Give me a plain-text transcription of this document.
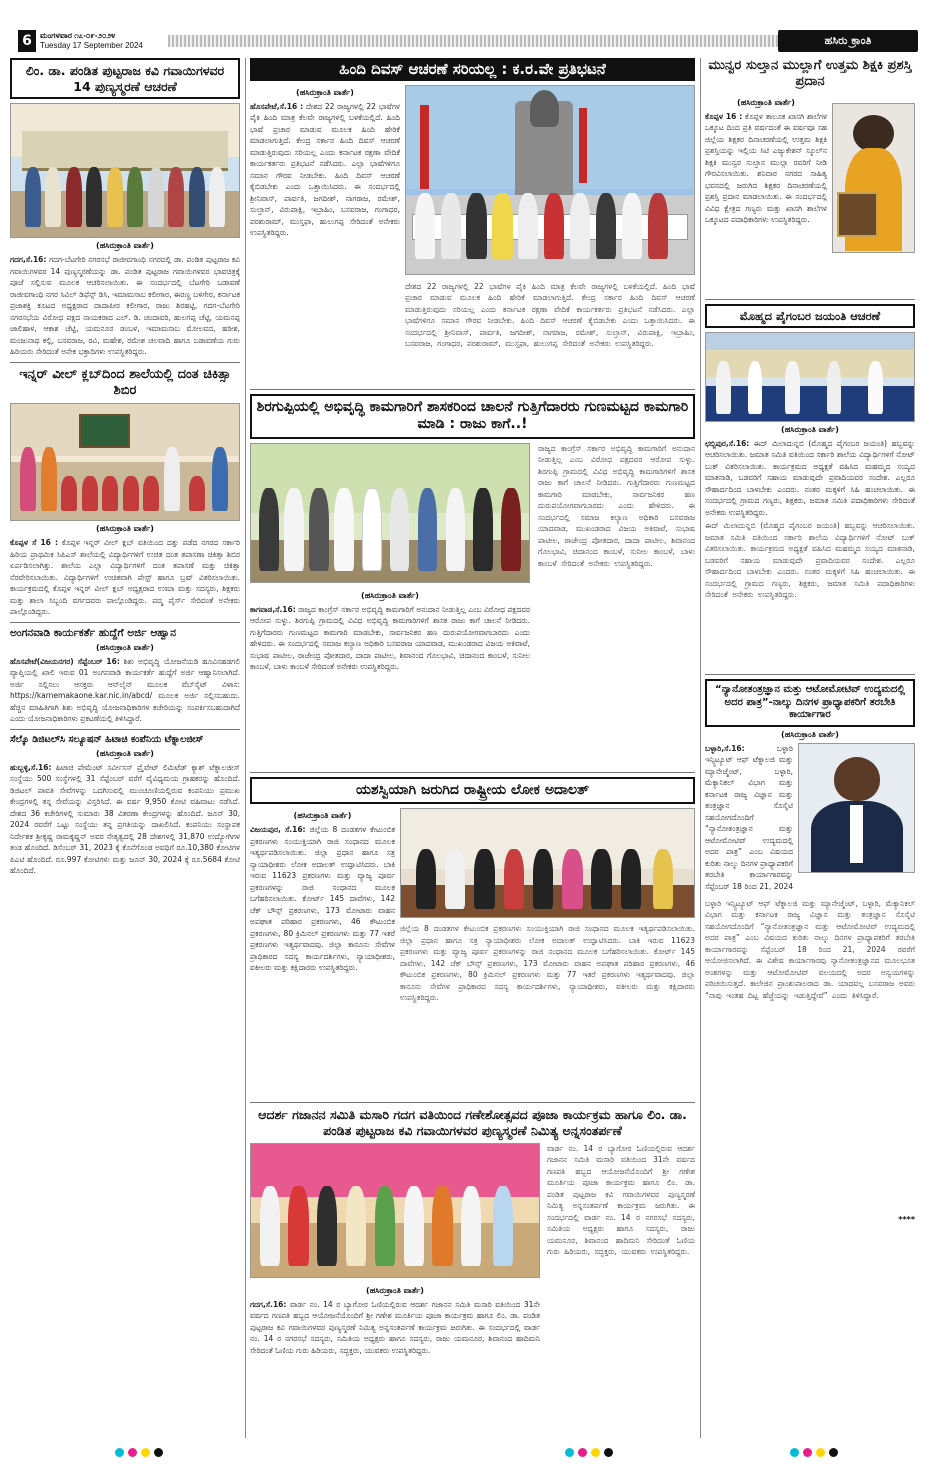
6	ಮಂಗಳವಾರ ೧೭-೦೯-೨೦೨೪
Tuesday 17 September 2024	ಹಸಿರು ಕ್ರಾಂತಿ
ಲಿಂ. ಡಾ. ಪಂಡಿತ ಪುಟ್ಟರಾಜ ಕವಿ ಗವಾಯಿಗಳವರ 14 ಪುಣ್ಯಸ್ಮರಣೆ ಆಚರಣೆ
(ಹಸಿರುಕ್ರಾಂತಿ ವಾರ್ತೆ)
ಗದಗ,ಸೆ.16: ಗದಗ-ಬೆಟಗೇರಿ ನಗರಸಭೆ ರಾಜೀವಗಾಂಧಿ ನಗರದಲ್ಲಿ ಡಾ. ಪಂಡಿತ ಪುಟ್ಟರಾಜ ಕವಿ ಗವಾಯಿಗಳವರ 14 ಪುಣ್ಯಸ್ಮರಣೆಯನ್ನು ಡಾ. ಪಂಡಿತ ಪುಟ್ಟರಾಜ ಗವಾಯಿಗಳವರ ಭಾವಚಿತ್ರಕ್ಕೆ ಪೂಜೆ ಸಲ್ಲಿಸುವ ಮೂಲಕ ಆಚರಿಸಲಾಯಿತು. ಈ ಸಂದರ್ಭದಲ್ಲಿ ಬೆಟಗೇರಿ ಬಡಾವಣೆ ರಾಜೀವಗಾಂಧಿ ನಗರ ಸಿವಿಲ್ ಡಿಫೆನ್ಸ್ ಡಿಸಿ, ಇಮಾಮಸಾಬ ಕಲೀಗಾರ, ಈರಣ್ಣ ಬಳಿಗೇರ, ಕರ್ನಾಟಕ ಪ್ರಜಾಶಕ್ತಿ ಕೂಟದ ಅಧ್ಯಕ್ಷರಾದ ದಾದಾಪೀರ ಕಲೀಗಾರ, ರಾಜು ಶಿರಹಟ್ಟಿ, ಗದಗ-ಬೆಟಗೇರಿ ನಗರಸಭೆಯ ವಿರೋಧ ಪಕ್ಷದ ನಾಯಕರಾದ ಎಲ್. ಡಿ. ಚಂದಾವರಿ, ಹುಲಗಪ್ಪ ಚೆಟ್ಟಿ, ಯಮನಪ್ಪ ಜಾಲಿಹಾಳ, ಆಕಾಶ ಚೆಟ್ಟಿ, ಯಮನೂರ ಡಂಬಳ, ಇಮಾಮಸಾಬ ಮೋಲವದ, ಹರೀಶ, ಮಂಜುನಾಥ ಕಲ್ಲಿ, ಬಸವರಾಜ, ರವಿ, ಮಹೇಶ, ರಮೇಶ ಚಲವಾದಿ ಹಾಗೂ ಬಡಾವಣೆಯ ಗುರು ಹಿರಿಯರು ಸೇರಿದಂತೆ ಅನೇಕ ಭಕ್ತಾದಿಗಳು ಉಪಸ್ಥಿತರಿದ್ದರು.
ಇನ್ನರ್ ವೀಲ್ ಕ್ಲಬ್‌ದಿಂದ ಶಾಲೆಯಲ್ಲಿ ದಂತ ಚಿಕಿತ್ಸಾ ಶಿಬಿರ
(ಹಸಿರುಕ್ರಾಂತಿ ವಾರ್ತೆ)
ಕೊಪ್ಪಳ ಸೆ 16 : ಕೊಪ್ಪಳ ಇನ್ನರ್ ವೀಲ್ ಕ್ಲಬ್ ವತಿಯಿಂದ ದತ್ತು ಪಡೆದ ನಗರದ ಸರ್ಕಾರಿ ಹಿರಿಯ ಪ್ರಾಥಮಿಕ ಸಿಪಿಎಸ್ ಶಾಲೆಯಲ್ಲಿ ವಿದ್ಯಾರ್ಥಿಗಳಿಗೆ ಉಚಿತ ದಂತ ತಪಾಸಣಾ ಚಿಕಿತ್ಸಾ ಶಿಬಿರ ಏರ್ಪಡಿಸಲಾಗಿತ್ತು. ಶಾಲೆಯ ಎಲ್ಲಾ ವಿದ್ಯಾರ್ಥಿಗಳಿಗೆ ದಂತ ತಪಾಸಣೆ ಮತ್ತು ಚಿಕಿತ್ಸಾ ನೆರವೇರಿಸಲಾಯಿತು. ವಿದ್ಯಾರ್ಥಿಗಳಿಗೆ ಉಚಿತವಾಗಿ ಪೇಸ್ಟ್ ಹಾಗೂ ಬ್ರಷ್ ವಿತರಿಸಲಾಯಿತು. ಕಾರ್ಯಕ್ರಮದಲ್ಲಿ ಕೊಪ್ಪಳ ಇನ್ನರ್ ವೀಲ್ ಕ್ಲಬ್ ಅಧ್ಯಕ್ಷರಾದ ಉಮಾ ಮತ್ತು ಸದಸ್ಯರು, ಶಿಕ್ಷಕರು ಮತ್ತು ಶಾಲಾ ಸಿಬ್ಬಂದಿ ವರ್ಗದವರು ಪಾಲ್ಗೊಂಡಿದ್ದರು. ಪದ್ಮ ಪೈರ್ಸ್ ಸೇರಿದಂತೆ ಅನೇಕರು ಪಾಲ್ಗೊಂಡಿದ್ದರು.
ಅಂಗನವಾಡಿ ಕಾರ್ಯಕರ್ತೆ ಹುದ್ದೆಗೆ ಅರ್ಜಿ ಆಹ್ವಾನ
(ಹಸಿರುಕ್ರಾಂತಿ ವಾರ್ತೆ)
ಹೊಸಪೇಟೆ(ವಿಜಯನಗರ) ಸೆಪ್ಟೆಂಬರ್ 16: ಶಿಶು ಅಭಿವೃದ್ಧಿ ಯೋಜನೆಯಡಿ ಹೂವಿನಹಡಗಲಿ ವ್ಯಾಪ್ತಿಯಲ್ಲಿ ಖಾಲಿ ಇರುವ 01 ಅಂಗನವಾಡಿ ಕಾರ್ಯಕರ್ತೆ ಹುದ್ದೆಗೆ ಅರ್ಜಿ ಆಹ್ವಾನಿಸಲಾಗಿದೆ. ಅರ್ಜಿ ಸಲ್ಲಿಸಲು ಆಸಕ್ತರು ಆನ್‌ಲೈನ್ ಮೂಲಕ ವೆಬ್‌ಸೈಟ್ ವಿಳಾಸ: https://karnemakaone.kar.nic.in/abcd/ ಮೂಲಕ ಅರ್ಜಿ ಸಲ್ಲಿಸಬಹುದು. ಹೆಚ್ಚಿನ ಮಾಹಿತಿಗಾಗಿ ಶಿಶು ಅಭಿವೃದ್ಧಿ ಯೋಜನಾಧಿಕಾರಿಗಳ ಕಚೇರಿಯನ್ನು ಸಂಪರ್ಕಿಸಬಹುದಾಗಿದೆ ಎಂದು ಯೋಜನಾಧಿಕಾರಿಗಳು ಪ್ರಕಟಣೆಯಲ್ಲಿ ತಿಳಿಸಿದ್ದಾರೆ.
ಸೆಲ್ಕೊ ಡಿಜಿಟಲ್‌ಸಿ ಸಲ್ಯೂಷನ್ ಹಿಟಾಚಿ ಕಂಪೆನಿಯ ಟೆಕ್ನಾಲಜೀಸ್
(ಹಸಿರುಕ್ರಾಂತಿ ವಾರ್ತೆ)
ಹುಬ್ಬಳ್ಳಿ,ಸೆ.16: ಹಿಟಾಚಿ ಪೇಮೆಂಟ್ ಸರ್ವೀಸಸ್ ಪ್ರೈವೇಟ್ ಲಿಮಿಟೆಡ್ ಕ್ಯಾಶ್ ಟೆಕ್ನಾಲಜೀಸ್ ಸಂಸ್ಥೆಯು 500 ಸಂಸ್ಥೆಗಳಲ್ಲಿ 31 ಸೆಪ್ಟೆಂಬರ್ ವರೆಗೆ ವೈವಿಧ್ಯಮಯ ಗ್ರಾಹಕರನ್ನು ಹೊಂದಿದೆ. ಡಿಜಿಟಲ್ ಪಾವತಿ ಸೇವೆಗಳನ್ನು ಒದಗಿಸುವಲ್ಲಿ ಮುಂಚೂಣಿಯಲ್ಲಿರುವ ಕಂಪನಿಯು ಪ್ರಮುಖ ಕೇಂದ್ರಗಳಲ್ಲಿ ತನ್ನ ಸೇವೆಯನ್ನು ವಿಸ್ತರಿಸಿದೆ. ಈ ವರ್ಷ 9,950 ಕೋಟಿ ವಹಿವಾಟು ನಡೆಸಿದೆ. ದೇಶದ 36 ಕಚೇರಿಗಳಲ್ಲಿ ಸುಮಾರು 38 ವಿತರಣಾ ಕೇಂದ್ರಗಳನ್ನು ಹೊಂದಿದೆ. ಜೂನ್ 30, 2024 ರವರೆಗೆ ಒಟ್ಟು ಸಂಸ್ಥೆಯು ತನ್ನ ಪ್ರಗತಿಯನ್ನು ದಾಖಲಿಸಿದೆ. ಕಂಪನಿಯು ಸಂಸ್ಥಾಪಕ ನಿರ್ದೇಶಕ ಶ್ರೀಕೃಷ್ಣ ರಾಮಕೃಷ್ಣನ್ ಅವರ ನೇತೃತ್ವದಲ್ಲಿ 28 ದೇಶಗಳಲ್ಲಿ 31,870 ಉದ್ಯೋಗಿಗಳ ತಂಡ ಹೊಂದಿದೆ. ಡಿಸೆಂಬರ್ 31, 2023 ಕ್ಕೆ ಕೊನೆಗೊಂಡ ಅವಧಿಗೆ ರೂ.10,380 ಕೋಟಿಗಳ ಪಿಎಟಿ ಹೊಂದಿದೆ. ರೂ.997 ಕೋಟಿಗಳು ಮತ್ತು ಜೂನ್ 30, 2024 ಕ್ಕೆ ರೂ.5684 ಕೋಟಿ ಹೊಂದಿದೆ.
ಹಿಂದಿ ದಿವಸ್ ಆಚರಣೆ ಸರಿಯಲ್ಲ : ಕ.ರ.ವೇ ಪ್ರತಿಭಟನೆ
(ಹಸಿರುಕ್ರಾಂತಿ ವಾರ್ತೆ)
ಹೊಸಪೇಟೆ,ಸೆ.16 : ದೇಶದ 22 ರಾಜ್ಯಗಳಲ್ಲಿ 22 ಭಾಷೆಗಳ ಪೈಕಿ ಹಿಂದಿ ಮಾತ್ರ ಕೆಲವೇ ರಾಜ್ಯಗಳಲ್ಲಿ ಬಳಕೆಯಲ್ಲಿದೆ. ಹಿಂದಿ ಭಾಷೆ ಪ್ರಚಾರ ಮಾಡುವ ಮೂಲಕ ಹಿಂದಿ ಹೇರಿಕೆ ಮಾಡಲಾಗುತ್ತಿದೆ. ಕೇಂದ್ರ ಸರ್ಕಾರ ಹಿಂದಿ ದಿವಸ್ ಆಚರಣೆ ಮಾಡುತ್ತಿರುವುದು ಸರಿಯಲ್ಲ ಎಂದು ಕರ್ನಾಟಕ ರಕ್ಷಣಾ ವೇದಿಕೆ ಕಾರ್ಯಕರ್ತರು ಪ್ರತಿಭಟನೆ ನಡೆಸಿದರು. ಎಲ್ಲಾ ಭಾಷೆಗಳಿಗೂ ಸಮಾನ ಗೌರವ ನೀಡಬೇಕು. ಹಿಂದಿ ದಿವಸ್ ಆಚರಣೆ ಕೈಬಿಡಬೇಕು ಎಂದು ಒತ್ತಾಯಿಸಿದರು. ಈ ಸಂದರ್ಭದಲ್ಲಿ ಶ್ರೀನಿವಾಸ್, ಪಾರ್ವತಿ, ಜಗದೀಶ್, ನಾಗರಾಜ, ರಮೇಶ್, ಸುಲ್ತಾನ್, ವಿರುಪಾಕ್ಷಿ, ಇಬ್ರಾಹಿಂ, ಬಸವರಾಜ, ಗಂಗಾಧರ, ಪರಶುರಾಮ್, ಮುಸ್ತಫಾ, ಹುಲುಗಪ್ಪ ಸೇರಿದಂತೆ ಅನೇಕರು ಉಪಸ್ಥಿತರಿದ್ದರು.
ದೇಶದ 22 ರಾಜ್ಯಗಳಲ್ಲಿ 22 ಭಾಷೆಗಳ ಪೈಕಿ ಹಿಂದಿ ಮಾತ್ರ ಕೆಲವೇ ರಾಜ್ಯಗಳಲ್ಲಿ ಬಳಕೆಯಲ್ಲಿದೆ. ಹಿಂದಿ ಭಾಷೆ ಪ್ರಚಾರ ಮಾಡುವ ಮೂಲಕ ಹಿಂದಿ ಹೇರಿಕೆ ಮಾಡಲಾಗುತ್ತಿದೆ. ಕೇಂದ್ರ ಸರ್ಕಾರ ಹಿಂದಿ ದಿವಸ್ ಆಚರಣೆ ಮಾಡುತ್ತಿರುವುದು ಸರಿಯಲ್ಲ ಎಂದು ಕರ್ನಾಟಕ ರಕ್ಷಣಾ ವೇದಿಕೆ ಕಾರ್ಯಕರ್ತರು ಪ್ರತಿಭಟನೆ ನಡೆಸಿದರು. ಎಲ್ಲಾ ಭಾಷೆಗಳಿಗೂ ಸಮಾನ ಗೌರವ ನೀಡಬೇಕು. ಹಿಂದಿ ದಿವಸ್ ಆಚರಣೆ ಕೈಬಿಡಬೇಕು ಎಂದು ಒತ್ತಾಯಿಸಿದರು. ಈ ಸಂದರ್ಭದಲ್ಲಿ ಶ್ರೀನಿವಾಸ್, ಪಾರ್ವತಿ, ಜಗದೀಶ್, ನಾಗರಾಜ, ರಮೇಶ್, ಸುಲ್ತಾನ್, ವಿರುಪಾಕ್ಷಿ, ಇಬ್ರಾಹಿಂ, ಬಸವರಾಜ, ಗಂಗಾಧರ, ಪರಶುರಾಮ್, ಮುಸ್ತಫಾ, ಹುಲುಗಪ್ಪ ಸೇರಿದಂತೆ ಅನೇಕರು ಉಪಸ್ಥಿತರಿದ್ದರು.
ಶಿರಗುಪ್ಪಿಯಲ್ಲಿ ಅಭಿವೃದ್ಧಿ ಕಾಮಗಾರಿಗೆ ಶಾಸಕರಿಂದ ಚಾಲನೆ ಗುತ್ತಿಗೆದಾರರು ಗುಣಮಟ್ಟದ ಕಾಮಗಾರಿ ಮಾಡಿ : ರಾಜು ಕಾಗೆ..!
(ಹಸಿರುಕ್ರಾಂತಿ ವಾರ್ತೆ)
ಕಾಗವಾಡ,ಸೆ.16: ರಾಜ್ಯದ ಕಾಂಗ್ರೆಸ್ ಸರ್ಕಾರ ಅಭಿವೃದ್ಧಿ ಕಾಮಗಾರಿಗೆ ಅನುದಾನ ನೀಡುತ್ತಿಲ್ಲ ಎಂಬ ವಿರೋಧ ಪಕ್ಷದವರ ಆರೋಪ ಸುಳ್ಳು. ಶಿರಗುಪ್ಪಿ ಗ್ರಾಮದಲ್ಲಿ ವಿವಿಧ ಅಭಿವೃದ್ಧಿ ಕಾಮಗಾರಿಗಳಿಗೆ ಶಾಸಕ ರಾಜು ಕಾಗೆ ಚಾಲನೆ ನೀಡಿದರು. ಗುತ್ತಿಗೆದಾರರು ಗುಣಮಟ್ಟದ ಕಾಮಗಾರಿ ಮಾಡಬೇಕು, ಸಾರ್ವಜನಿಕರ ಹಣ ದುರುಪಯೋಗವಾಗಬಾರದು ಎಂದು ಹೇಳಿದರು. ಈ ಸಂದರ್ಭದಲ್ಲಿ ಸಮಾಜ ಕಲ್ಯಾಣ ಅಧಿಕಾರಿ ಬಸವರಾಜ ಯಾದವಾಡ, ಮುಖಂಡರಾದ ವಿಜಯ ಅಕಿವಾಟೆ, ಸುಭಾಷ ಪಾಟೀಲ, ರಾಜೇಂದ್ರ ಪೋತದಾರ, ದಾದಾ ಪಾಟೀಲ, ಶಿವಾನಂದ ಗೊಲಭಾವಿ, ಚಿದಾನಂದ ಕಾಂಬಳೆ, ಸುನೀಲ ಕಾಂಬಳೆ, ಬಾಳು ಕಾಂಬಳೆ ಸೇರಿದಂತೆ ಅನೇಕರು ಉಪಸ್ಥಿತರಿದ್ದರು.
ರಾಜ್ಯದ ಕಾಂಗ್ರೆಸ್ ಸರ್ಕಾರ ಅಭಿವೃದ್ಧಿ ಕಾಮಗಾರಿಗೆ ಅನುದಾನ ನೀಡುತ್ತಿಲ್ಲ ಎಂಬ ವಿರೋಧ ಪಕ್ಷದವರ ಆರೋಪ ಸುಳ್ಳು. ಶಿರಗುಪ್ಪಿ ಗ್ರಾಮದಲ್ಲಿ ವಿವಿಧ ಅಭಿವೃದ್ಧಿ ಕಾಮಗಾರಿಗಳಿಗೆ ಶಾಸಕ ರಾಜು ಕಾಗೆ ಚಾಲನೆ ನೀಡಿದರು. ಗುತ್ತಿಗೆದಾರರು ಗುಣಮಟ್ಟದ ಕಾಮಗಾರಿ ಮಾಡಬೇಕು, ಸಾರ್ವಜನಿಕರ ಹಣ ದುರುಪಯೋಗವಾಗಬಾರದು ಎಂದು ಹೇಳಿದರು. ಈ ಸಂದರ್ಭದಲ್ಲಿ ಸಮಾಜ ಕಲ್ಯಾಣ ಅಧಿಕಾರಿ ಬಸವರಾಜ ಯಾದವಾಡ, ಮುಖಂಡರಾದ ವಿಜಯ ಅಕಿವಾಟೆ, ಸುಭಾಷ ಪಾಟೀಲ, ರಾಜೇಂದ್ರ ಪೋತದಾರ, ದಾದಾ ಪಾಟೀಲ, ಶಿವಾನಂದ ಗೊಲಭಾವಿ, ಚಿದಾನಂದ ಕಾಂಬಳೆ, ಸುನೀಲ ಕಾಂಬಳೆ, ಬಾಳು ಕಾಂಬಳೆ ಸೇರಿದಂತೆ ಅನೇಕರು ಉಪಸ್ಥಿತರಿದ್ದರು.
ಯಶಸ್ವಿಯಾಗಿ ಜರುಗಿದ ರಾಷ್ಟ್ರೀಯ ಲೋಕ ಅದಾಲತ್
(ಹಸಿರುಕ್ರಾಂತಿ ವಾರ್ತೆ)
ವಿಜಯಪುರ, ಸೆ.16: ಜಿಲ್ಲೆಯ 8 ದಂಡತಗಳ ಕೇಟುಂಬಿಕ ಪ್ರಕರಣಗಳು ಸಂಯುಕ್ತಿಯಾಗಿ ರಾಜಿ ಸಂಧಾನದ ಮೂಲಕ ಇತ್ಯರ್ಥಪಡಿಸಲಾಯಿತು. ಜಿಲ್ಲಾ ಪ್ರಧಾನ ಹಾಗೂ ಸತ್ರ ನ್ಯಾಯಾಧೀಶರು ಲೋಕ ಅದಾಲತ್ ಉದ್ಘಾಟಿಸಿದರು. ಬಾಕಿ ಇರುವ 11623 ಪ್ರಕರಣಗಳು ಮತ್ತು ವ್ಯಾಜ್ಯ ಪೂರ್ವ ಪ್ರಕರಣಗಳನ್ನು ರಾಜಿ ಸಂಧಾನದ ಮೂಲಕ ಬಗೆಹರಿಸಲಾಯಿತು. ಕೋರ್ಟ್ 145 ದಾವೆಗಳು, 142 ಚೆಕ್ ಬೌನ್ಸ್ ಪ್ರಕರಣಗಳು, 173 ಮೋಟಾರು ವಾಹನ ಅಪಘಾತ ಪರಿಹಾರ ಪ್ರಕರಣಗಳು, 46 ಕೌಟುಂಬಿಕ ಪ್ರಕರಣಗಳು, 80 ಕ್ರಿಮಿನಲ್ ಪ್ರಕರಣಗಳು ಮತ್ತು 77 ಇತರೆ ಪ್ರಕರಣಗಳು ಇತ್ಯರ್ಥವಾದವು. ಜಿಲ್ಲಾ ಕಾನೂನು ಸೇವೆಗಳ ಪ್ರಾಧಿಕಾರದ ಸದಸ್ಯ ಕಾರ್ಯದರ್ಶಿಗಳು, ನ್ಯಾಯಾಧೀಶರು, ವಕೀಲರು ಮತ್ತು ಕಕ್ಷಿದಾರರು ಉಪಸ್ಥಿತರಿದ್ದರು.
ಜಿಲ್ಲೆಯ 8 ದಂಡತಗಳ ಕೇಟುಂಬಿಕ ಪ್ರಕರಣಗಳು ಸಂಯುಕ್ತಿಯಾಗಿ ರಾಜಿ ಸಂಧಾನದ ಮೂಲಕ ಇತ್ಯರ್ಥಪಡಿಸಲಾಯಿತು. ಜಿಲ್ಲಾ ಪ್ರಧಾನ ಹಾಗೂ ಸತ್ರ ನ್ಯಾಯಾಧೀಶರು ಲೋಕ ಅದಾಲತ್ ಉದ್ಘಾಟಿಸಿದರು. ಬಾಕಿ ಇರುವ 11623 ಪ್ರಕರಣಗಳು ಮತ್ತು ವ್ಯಾಜ್ಯ ಪೂರ್ವ ಪ್ರಕರಣಗಳನ್ನು ರಾಜಿ ಸಂಧಾನದ ಮೂಲಕ ಬಗೆಹರಿಸಲಾಯಿತು. ಕೋರ್ಟ್ 145 ದಾವೆಗಳು, 142 ಚೆಕ್ ಬೌನ್ಸ್ ಪ್ರಕರಣಗಳು, 173 ಮೋಟಾರು ವಾಹನ ಅಪಘಾತ ಪರಿಹಾರ ಪ್ರಕರಣಗಳು, 46 ಕೌಟುಂಬಿಕ ಪ್ರಕರಣಗಳು, 80 ಕ್ರಿಮಿನಲ್ ಪ್ರಕರಣಗಳು ಮತ್ತು 77 ಇತರೆ ಪ್ರಕರಣಗಳು ಇತ್ಯರ್ಥವಾದವು. ಜಿಲ್ಲಾ ಕಾನೂನು ಸೇವೆಗಳ ಪ್ರಾಧಿಕಾರದ ಸದಸ್ಯ ಕಾರ್ಯದರ್ಶಿಗಳು, ನ್ಯಾಯಾಧೀಶರು, ವಕೀಲರು ಮತ್ತು ಕಕ್ಷಿದಾರರು ಉಪಸ್ಥಿತರಿದ್ದರು.
ಆದರ್ಶ ಗಜಾನನ ಸಮಿತಿ ಮಸಾರಿ ಗದಗ ವತಿಯಿಂದ ಗಣೇಶೋತ್ಸವದ ಪೂಜಾ ಕಾರ್ಯಕ್ರಮ ಹಾಗೂ ಲಿಂ. ಡಾ. ಪಂಡಿತ ಪುಟ್ಟರಾಜ ಕವಿ ಗವಾಯಿಗಳವರ ಪುಣ್ಯಸ್ಮರಣೆ ನಿಮಿತ್ಯ ಅನ್ನಸಂತರ್ಪಣೆ
(ಹಸಿರುಕ್ರಾಂತಿ ವಾರ್ತೆ)
ಗದಗ,ಸೆ.16: ವಾರ್ಡ ನಂ. 14 ರ ಬ್ಯಾಗೋರ ಓಣಿಯಲ್ಲಿರುವ ಆದರ್ಶ ಗಜಾನನ ಸಮಿತಿ ಮಸಾರಿ ವತಿಯಿಂದ 31ನೇ ವರ್ಷದ ಗಣಪತಿ ಹಬ್ಬದ ಆಯೋಜನೆಯೊಂದಿಗೆ ಶ್ರೀ ಗಣೇಶ ಮೂರ್ತಿಯ ಪೂಜಾ ಕಾರ್ಯಕ್ರಮ ಹಾಗೂ ಲಿಂ. ಡಾ. ಪಂಡಿತ ಪುಟ್ಟರಾಜ ಕವಿ ಗವಾಯಿಗಳವರ ಪುಣ್ಯಸ್ಮರಣೆ ನಿಮಿತ್ಯ ಅನ್ನಸಂತರ್ಪಣೆ ಕಾರ್ಯಕ್ರಮ ಜರುಗಿತು. ಈ ಸಂದರ್ಭದಲ್ಲಿ ವಾರ್ಡ ನಂ. 14 ರ ನಗರಸಭೆ ಸದಸ್ಯರು, ಸಮಿತಿಯ ಅಧ್ಯಕ್ಷರು ಹಾಗೂ ಸದಸ್ಯರು, ರಾಜು ಯಮನೂರ, ಶಿವಾನಂದ ಹಾದಿಮನಿ ಸೇರಿದಂತೆ ಓಣಿಯ ಗುರು ಹಿರಿಯರು, ಸದ್ಭಕ್ತರು, ಯುವಕರು ಉಪಸ್ಥಿತರಿದ್ದರು.
ವಾರ್ಡ ನಂ. 14 ರ ಬ್ಯಾಗೋರ ಓಣಿಯಲ್ಲಿರುವ ಆದರ್ಶ ಗಜಾನನ ಸಮಿತಿ ಮಸಾರಿ ವತಿಯಿಂದ 31ನೇ ವರ್ಷದ ಗಣಪತಿ ಹಬ್ಬದ ಆಯೋಜನೆಯೊಂದಿಗೆ ಶ್ರೀ ಗಣೇಶ ಮೂರ್ತಿಯ ಪೂಜಾ ಕಾರ್ಯಕ್ರಮ ಹಾಗೂ ಲಿಂ. ಡಾ. ಪಂಡಿತ ಪುಟ್ಟರಾಜ ಕವಿ ಗವಾಯಿಗಳವರ ಪುಣ್ಯಸ್ಮರಣೆ ನಿಮಿತ್ಯ ಅನ್ನಸಂತರ್ಪಣೆ ಕಾರ್ಯಕ್ರಮ ಜರುಗಿತು. ಈ ಸಂದರ್ಭದಲ್ಲಿ ವಾರ್ಡ ನಂ. 14 ರ ನಗರಸಭೆ ಸದಸ್ಯರು, ಸಮಿತಿಯ ಅಧ್ಯಕ್ಷರು ಹಾಗೂ ಸದಸ್ಯರು, ರಾಜು ಯಮನೂರ, ಶಿವಾನಂದ ಹಾದಿಮನಿ ಸೇರಿದಂತೆ ಓಣಿಯ ಗುರು ಹಿರಿಯರು, ಸದ್ಭಕ್ತರು, ಯುವಕರು ಉಪಸ್ಥಿತರಿದ್ದರು.
ಮುನ್ವರ ಸುಲ್ತಾನ ಮುಲ್ಲಾಗೆ ಉತ್ತಮ ಶಿಕ್ಷಕಿ ಪ್ರಶಸ್ತಿ ಪ್ರದಾನ
(ಹಸಿರುಕ್ರಾಂತಿ ವಾರ್ತೆ)
ಕೊಪ್ಪಳ 16 : ಕೊಪ್ಪಳ ತಾಲೂಕ ಖಾಸಗಿ ಶಾಲೆಗಳ ಒಕ್ಕೂಟ ದಿಂದ ಪ್ರತಿ ವರ್ಷದಂತೆ ಈ ವರ್ಷವೂ ಸಹ ಜಿಲ್ಲೆಯ ಶಿಕ್ಷಕರ ದಿನಾಚರಣೆಯಲ್ಲಿ ಉತ್ತಮ ಶಿಕ್ಷಕಿ ಪ್ರಶಸ್ತಿಯನ್ನು ಇಲ್ಲಿಯ ಸಿಟಿ ಎಜ್ಯುಕೇಶನ್ ಸ್ಕೂಲ್‌ನ ಶಿಕ್ಷಕಿ ಮುನ್ವರ ಸುಲ್ತಾನ ಮುಲ್ಲಾ ರವರಿಗೆ ನೀಡಿ ಗೌರವಿಸಲಾಯಿತು. ಶನಿವಾರ ನಗರದ ಸಾಹಿತ್ಯ ಭವನದಲ್ಲಿ ಜರುಗಿದ ಶಿಕ್ಷಕರ ದಿನಾಚರಣೆಯಲ್ಲಿ ಪ್ರಶಸ್ತಿ ಪ್ರದಾನ ಮಾಡಲಾಯಿತು. ಈ ಸಂದರ್ಭದಲ್ಲಿ ವಿವಿಧ ಕ್ಷೇತ್ರದ ಗಣ್ಯರು ಮತ್ತು ಖಾಸಗಿ ಶಾಲೆಗಳ ಒಕ್ಕೂಟದ ಪದಾಧಿಕಾರಿಗಳು ಉಪಸ್ಥಿತರಿದ್ದರು.
ಮೊಹ್ಮದ ಪೈಗಂಬರ ಜಯಂತಿ ಆಚರಣೆ
(ಹಸಿರುಕ್ರಾಂತಿ ವಾರ್ತೆ)
ಛಬ್ಬಿಪುರ,ಸೆ.16: ಈದ್ ಮಿಲಾದುನ್ನಬಿ (ಮೊಹ್ಮದ ಪೈಗಂಬರ ಜಯಂತಿ) ಹಬ್ಬವನ್ನು ಆಚರಿಸಲಾಯಿತು. ಜಮಾತ ಸಮಿತಿ ವತಿಯಿಂದ ಸರ್ಕಾರಿ ಶಾಲೆಯ ವಿದ್ಯಾರ್ಥಿಗಳಿಗೆ ನೋಟ್ ಬುಕ್ ವಿತರಿಸಲಾಯಿತು. ಕಾರ್ಯಕ್ರಮದ ಅಧ್ಯಕ್ಷತೆ ವಹಿಸಿದ ಮಹಮ್ಮದ ಸಯ್ಯದ ಮಾತನಾಡಿ, ಬಡವರಿಗೆ ಸಹಾಯ ಮಾಡುವುದೇ ಪ್ರವಾದಿಯವರ ಸಂದೇಶ. ಎಲ್ಲರೂ ಸೌಹಾರ್ದದಿಂದ ಬಾಳಬೇಕು ಎಂದರು. ನಂತರ ಮಕ್ಕಳಿಗೆ ಸಿಹಿ ಹಂಚಲಾಯಿತು. ಈ ಸಂದರ್ಭದಲ್ಲಿ ಗ್ರಾಮದ ಗಣ್ಯರು, ಶಿಕ್ಷಕರು, ಜಮಾತ ಸಮಿತಿ ಪದಾಧಿಕಾರಿಗಳು ಸೇರಿದಂತೆ ಅನೇಕರು ಉಪಸ್ಥಿತರಿದ್ದರು.
ಈದ್ ಮಿಲಾದುನ್ನಬಿ (ಮೊಹ್ಮದ ಪೈಗಂಬರ ಜಯಂತಿ) ಹಬ್ಬವನ್ನು ಆಚರಿಸಲಾಯಿತು. ಜಮಾತ ಸಮಿತಿ ವತಿಯಿಂದ ಸರ್ಕಾರಿ ಶಾಲೆಯ ವಿದ್ಯಾರ್ಥಿಗಳಿಗೆ ನೋಟ್ ಬುಕ್ ವಿತರಿಸಲಾಯಿತು. ಕಾರ್ಯಕ್ರಮದ ಅಧ್ಯಕ್ಷತೆ ವಹಿಸಿದ ಮಹಮ್ಮದ ಸಯ್ಯದ ಮಾತನಾಡಿ, ಬಡವರಿಗೆ ಸಹಾಯ ಮಾಡುವುದೇ ಪ್ರವಾದಿಯವರ ಸಂದೇಶ. ಎಲ್ಲರೂ ಸೌಹಾರ್ದದಿಂದ ಬಾಳಬೇಕು ಎಂದರು. ನಂತರ ಮಕ್ಕಳಿಗೆ ಸಿಹಿ ಹಂಚಲಾಯಿತು. ಈ ಸಂದರ್ಭದಲ್ಲಿ ಗ್ರಾಮದ ಗಣ್ಯರು, ಶಿಕ್ಷಕರು, ಜಮಾತ ಸಮಿತಿ ಪದಾಧಿಕಾರಿಗಳು ಸೇರಿದಂತೆ ಅನೇಕರು ಉಪಸ್ಥಿತರಿದ್ದರು.
“ನ್ಯಾನೋತಂತ್ರಜ್ಞಾನ ಮತ್ತು ಆಟೋಮೋಟಿವ್ ಉದ್ಯಮದಲ್ಲಿ ಅದರ ಪಾತ್ರ”-ನಾಲ್ಕು ದಿನಗಳ ಪ್ರಾಧ್ಯಾಪಕರಿಗೆ ತರಬೇತಿ ಕಾರ್ಯಾಗಾರ
(ಹಸಿರುಕ್ರಾಂತಿ ವಾರ್ತೆ)
ಬಳ್ಳಾರಿ,ಸೆ.16:	ಬಳ್ಳಾರಿ ಇನ್ಸ್ಟಿಟ್ಯೂಟ್ ಆಫ್ ಟೆಕ್ನಾಲಜಿ ಮತ್ತು ಮ್ಯಾನೇಜ್ಮೆಂಟ್, ಬಳ್ಳಾರಿ, ಮೆಕ್ಯಾನಿಕಲ್ ವಿಭಾಗ ಮತ್ತು ಕರ್ನಾಟಕ ರಾಜ್ಯ ವಿಜ್ಞಾನ ಮತ್ತು ತಂತ್ರಜ್ಞಾನ ಸೊಸೈಟಿ ಸಹಯೋಗದೊಂದಿಗೆ “ನ್ಯಾನೋತಂತ್ರಜ್ಞಾನ ಮತ್ತು ಆಟೋಮೋಟಿವ್ ಉದ್ಯಮದಲ್ಲಿ ಅದರ ಪಾತ್ರ” ಎಂಬ ವಿಷಯದ ಕುರಿತು ನಾಲ್ಕು ದಿನಗಳ ಪ್ರಾಧ್ಯಾಪಕರಿಗೆ ತರಬೇತಿ ಕಾರ್ಯಾಗಾರವನ್ನು ಸೆಪ್ಟೆಂಬರ್ 18 ರಿಂದ 21, 2024
ಬಳ್ಳಾರಿ ಇನ್ಸ್ಟಿಟ್ಯೂಟ್ ಆಫ್ ಟೆಕ್ನಾಲಜಿ ಮತ್ತು ಮ್ಯಾನೇಜ್ಮೆಂಟ್, ಬಳ್ಳಾರಿ, ಮೆಕ್ಯಾನಿಕಲ್ ವಿಭಾಗ ಮತ್ತು ಕರ್ನಾಟಕ ರಾಜ್ಯ ವಿಜ್ಞಾನ ಮತ್ತು ತಂತ್ರಜ್ಞಾನ ಸೊಸೈಟಿ ಸಹಯೋಗದೊಂದಿಗೆ “ನ್ಯಾನೋತಂತ್ರಜ್ಞಾನ ಮತ್ತು ಆಟೋಮೋಟಿವ್ ಉದ್ಯಮದಲ್ಲಿ ಅದರ ಪಾತ್ರ” ಎಂಬ ವಿಷಯದ ಕುರಿತು ನಾಲ್ಕು ದಿನಗಳ ಪ್ರಾಧ್ಯಾಪಕರಿಗೆ ತರಬೇತಿ ಕಾರ್ಯಾಗಾರವನ್ನು ಸೆಪ್ಟೆಂಬರ್ 18 ರಿಂದ 21, 2024 ರವರೆಗೆ ಆಯೋಜಿಸಲಾಗಿದೆ. ಈ ವಿಶೇಷ ಕಾರ್ಯಾಗಾರವು ನ್ಯಾನೋತಂತ್ರಜ್ಞಾನದ ಮೂಲಭೂತ ಅಂಶಗಳನ್ನು ಮತ್ತು ಆಟೋಮೋಟಿವ್ ವಲಯದಲ್ಲಿ ಅದರ ಅನ್ವಯಗಳನ್ನು ಪರಿಚಯಿಸುತ್ತದೆ. ಕಾಲೇಜಿನ ಪ್ರಾಂಶುಪಾಲರಾದ ಡಾ. ಯಾದವಲ್ಲ ಬಸವರಾಜ ಅವರು “ನಾವು ಇಂತಹ ದಿಟ್ಟ ಹೆಜ್ಜೆಯನ್ನು ಇಡುತ್ತಿದ್ದೇವೆ” ಎಂದು ತಿಳಿಸಿದ್ದಾರೆ.
****
